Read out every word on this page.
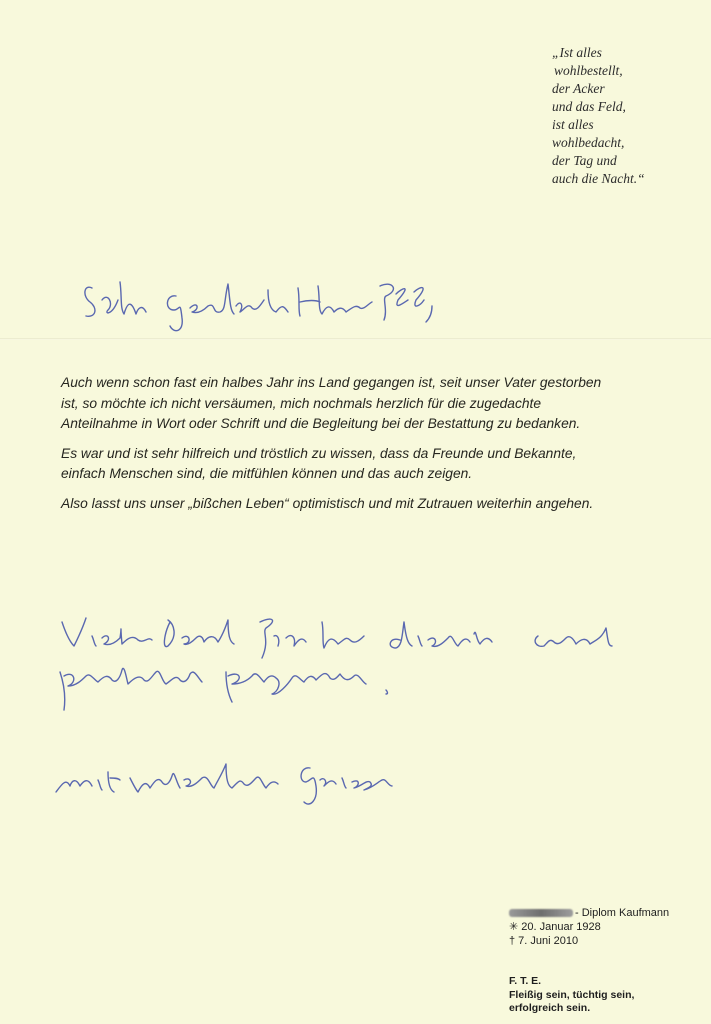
„Ist alles
wohlbestellt,
der Acker
und das Feld,
ist alles
wohlbedacht,
der Tag und
auch die Nacht.“

Auch wenn schon fast ein halbes Jahr ins Land gegangen ist, seit unser Vater gestorben ist, so möchte ich nicht versäumen, mich nochmals herzlich für die zugedachte Anteilnahme in Wort oder Schrift und die Begleitung bei der Bestattung zu bedanken.

Es war und ist sehr hilfreich und tröstlich zu wissen, dass da Freunde und Bekannte, einfach Menschen sind, die mitfühlen können und das auch zeigen.

Also lasst uns unser „bißchen Leben“ optimistisch und mit Zutrauen weiterhin angehen.

- Diplom Kaufmann
✳ 20. Januar 1928
† 7. Juni 2010
F. T. E.
Fleißig sein, tüchtig sein,
erfolgreich sein.
